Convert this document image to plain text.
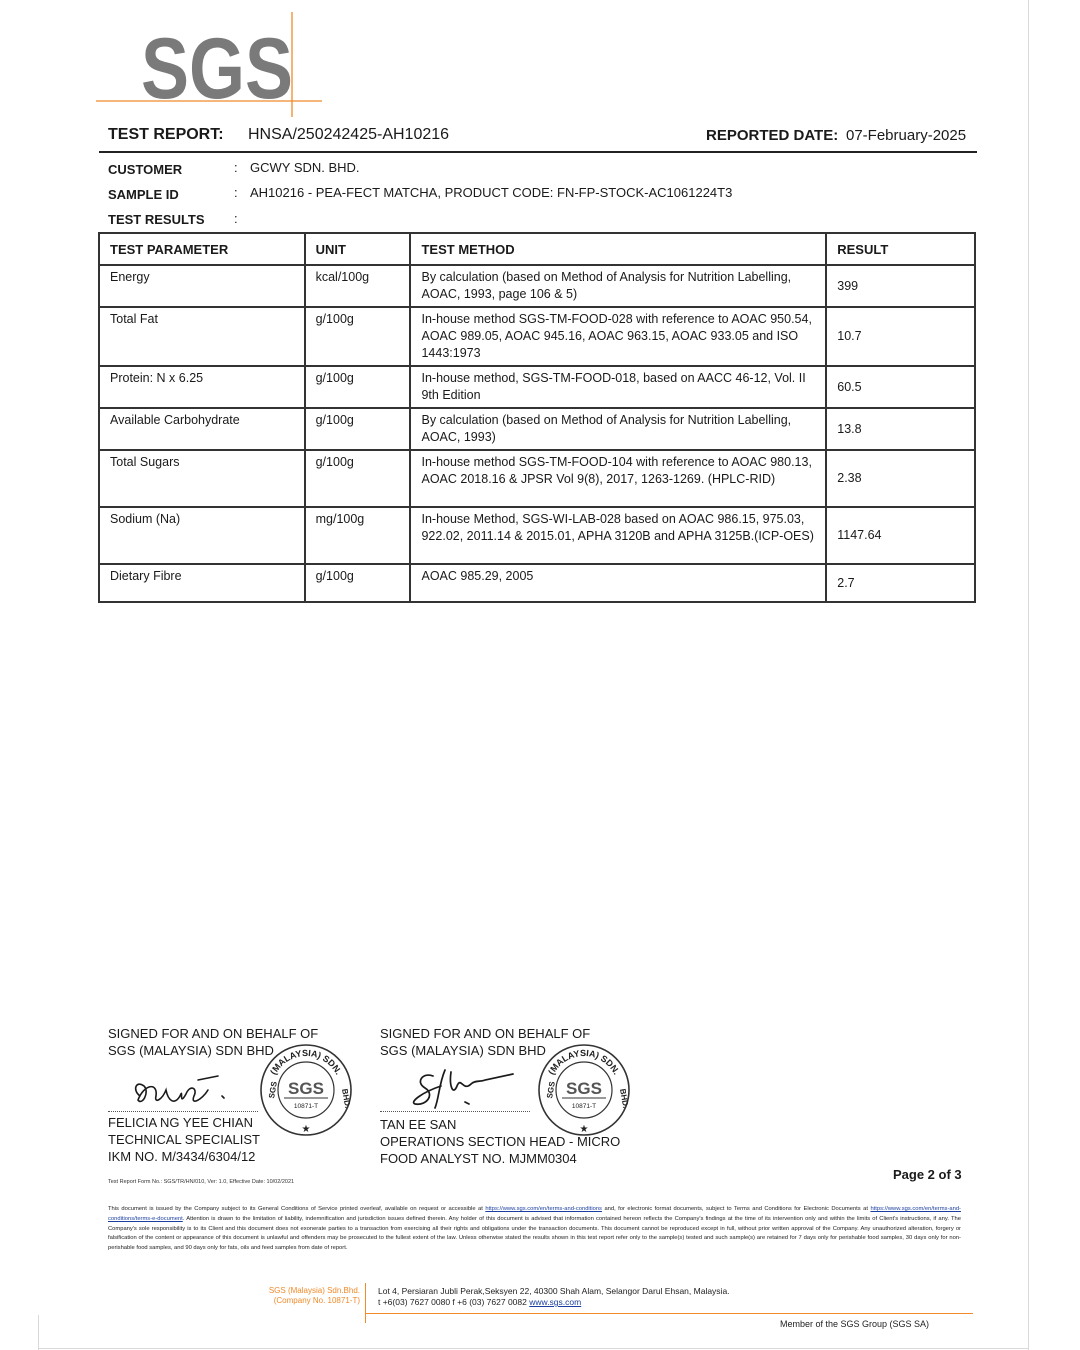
SGS
TEST REPORT: HNSA/250242425-AH10216	REPORTED DATE: 07-February-2025
CUSTOMER	: GCWY SDN. BHD.
SAMPLE ID	: AH10216 - PEA-FECT MATCHA, PRODUCT CODE: FN-FP-STOCK-AC1061224T3
TEST RESULTS :
TEST PARAMETER	UNIT	TEST METHOD	RESULT
Energy	kcal/100g	By calculation (based on Method of Analysis for Nutrition Labelling, AOAC, 1993, page 106 & 5)	399
Total Fat	g/100g	In-house method SGS-TM-FOOD-028 with reference to AOAC 950.54, AOAC 989.05, AOAC 945.16, AOAC 963.15, AOAC 933.05 and ISO 1443:1973	10.7
Protein: N x 6.25	g/100g	In-house method, SGS-TM-FOOD-018, based on AACC 46-12, Vol. II 9th Edition	60.5
Available Carbohydrate	g/100g	By calculation (based on Method of Analysis for Nutrition Labelling, AOAC, 1993)	13.8
Total Sugars	g/100g	In-house method SGS-TM-FOOD-104 with reference to AOAC 980.13, AOAC 2018.16 & JPSR Vol 9(8), 2017, 1263-1269. (HPLC-RID)	2.38
Sodium (Na)	mg/100g	In-house Method, SGS-WI-LAB-028 based on AOAC 986.15, 975.03, 922.02, 2011.14 & 2015.01, APHA 3120B and APHA 3125B.(ICP-OES)	1147.64
Dietary Fibre	g/100g	AOAC 985.29, 2005	2.7
SIGNED FOR AND ON BEHALF OF
SGS (MALAYSIA) SDN BHD
FELICIA NG YEE CHIAN
TECHNICAL SPECIALIST
IKM NO. M/3434/6304/12
(MALAYSIA) SDN.
SGS	BHD.
SGS
10871-T
★
SIGNED FOR AND ON BEHALF OF
SGS (MALAYSIA) SDN BHD
TAN EE SAN
OPERATIONS SECTION HEAD - MICRO
FOOD ANALYST NO. MJMM0304
(MALAYSIA) SDN.
SGS	BHD.
SGS
10871-T
★
Page 2 of 3
Test Report Form No.: SGS/TR/HN/010, Ver: 1.0, Effective Date: 10/02/2021
This document is issued by the Company subject to its General Conditions of Service printed overleaf, available on request or accessible at https://www.sgs.com/en/terms-and-conditions and, for electronic format documents, subject to Terms and Conditions for Electronic Documents at https://www.sgs.com/en/terms-and-conditions/terms-e-document. Attention is drawn to the limitation of liability, indemnification and jurisdiction issues defined therein. Any holder of this document is advised that information contained hereon reflects the Company's findings at the time of its intervention only and within the limits of Client's instructions, if any. The Company's sole responsibility is to its Client and this document does not exonerate parties to a transaction from exercising all their rights and obligations under the transaction documents. This document cannot be reproduced except in full, without prior written approval of the Company. Any unauthorized alteration, forgery or falsification of the content or appearance of this document is unlawful and offenders may be prosecuted to the fullest extent of the law. Unless otherwise stated the results shown in this test report refer only to the sample(s) tested and such sample(s) are retained for 7 days only for perishable food samples, 30 days only for non-perishable food samples, and 90 days only for fats, oils and feed samples from date of report.
SGS (Malaysia) Sdn.Bhd.
(Company No. 10871-T)
Lot 4, Persiaran Jubli Perak,Seksyen 22, 40300 Shah Alam, Selangor Darul Ehsan, Malaysia.
t +6(03) 7627 0080 f +6 (03) 7627 0082 www.sgs.com
Member of the SGS Group (SGS SA)
